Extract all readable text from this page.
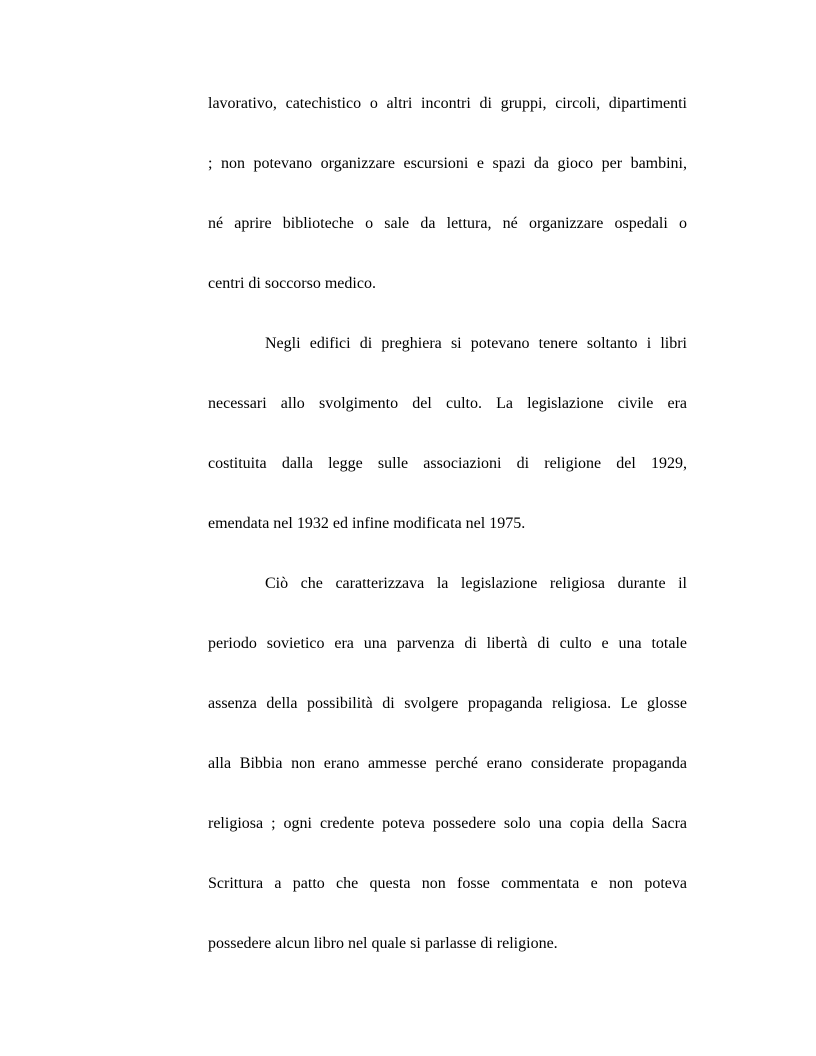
lavorativo, catechistico o altri incontri di gruppi, circoli, dipartimenti
; non potevano organizzare escursioni e spazi da gioco per bambini,
né aprire biblioteche o sale da lettura, né organizzare ospedali o
centri di soccorso medico.
Negli edifici di preghiera si potevano tenere soltanto i libri
necessari allo svolgimento del culto. La legislazione civile era
costituita dalla legge sulle associazioni di religione del 1929,
emendata nel 1932 ed infine modificata nel 1975.
Ciò che caratterizzava la legislazione religiosa durante il
periodo sovietico era una parvenza di libertà di culto e una totale
assenza della possibilità di svolgere propaganda religiosa. Le glosse
alla Bibbia non erano ammesse perché erano considerate propaganda
religiosa ; ogni credente poteva possedere solo una copia della Sacra
Scrittura a patto che questa non fosse commentata e non poteva
possedere alcun libro nel quale si parlasse di religione.
